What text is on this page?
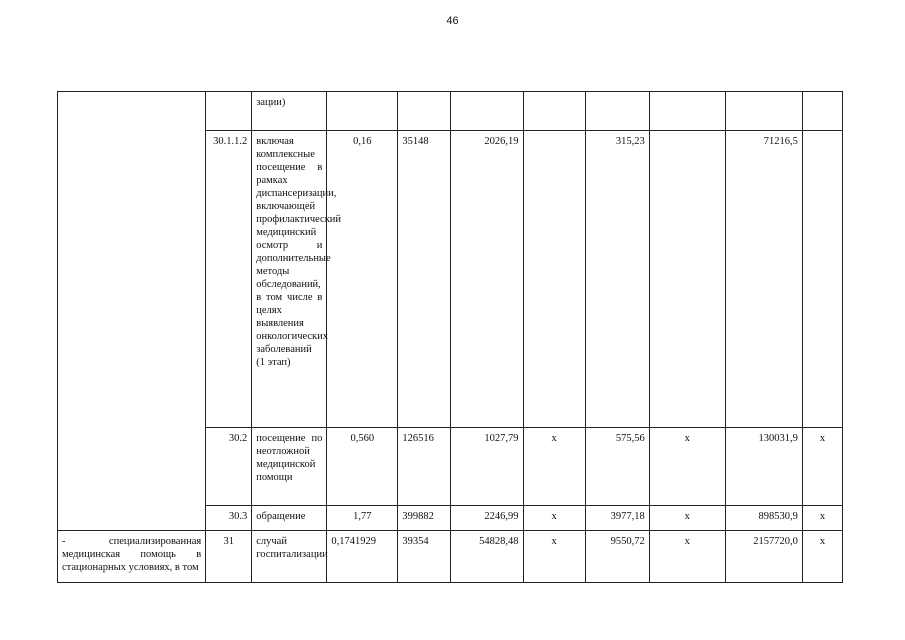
46
		зации)								
	30.1.1.2	включая комплексные посещение в рамках диспансеризации, включающей профилактический медицинский осмотр и дополнительные методы обследований, в том числе в целях выявления онкологических заболеваний (1 этап)	0,16	35148	2026,19		315,23		71216,5	
	30.2	посещение по неотложной медицинской помощи	0,560	126516	1027,79	х	575,56	х	130031,9	х
	30.3	обращение	1,77	399882	2246,99	х	3977,18	х	898530,9	х
- специализированная медицинская помощь в стационарных условиях, в том	31	случай госпитализации	0,1741929	39354	54828,48	х	9550,72	х	2157720,0	х
